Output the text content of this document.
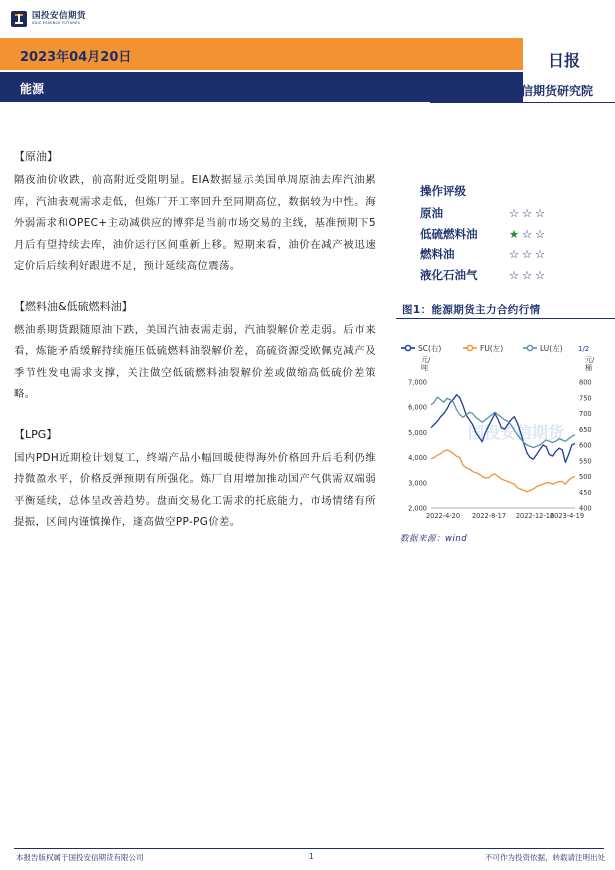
国投安信期货
SDIC ESSENCE FUTURES
2023年04月20日
能源
日报
国投安信期货研究院
【原油】
隔夜油价收跌，前高附近受阻明显。EIA数据显示美国单周原油去库汽油累库，汽油表观需求走低，但炼厂开工率回升至同期高位，数据较为中性。海外弱需求和OPEC+主动减供应的博弈是当前市场交易的主线，基准预期下5月后有望持续去库，油价运行区间重新上移。短期来看，油价在减产被迅速定价后后续利好跟进不足，预计延续高位震荡。
【燃料油&低硫燃料油】
燃油系期货跟随原油下跌，美国汽油表需走弱，汽油裂解价差走弱。后市来看，炼能矛盾缓解持续施压低硫燃料油裂解价差，高硫资源受欧佩克减产及季节性发电需求支撑，关注做空低硫燃料油裂解价差或做缩高低硫价差策略。
【LPG】
国内PDH近期检计划复工，终端产品小幅回暖使得海外价格回升后毛利仍维持微盈水平，价格反弹预期有所强化。炼厂自用增加推动国产气供需双端弱平衡延续，总体呈改善趋势。盘面交易化工需求的托底能力，市场情绪有所提振，区间内谨慎操作，逢高做空PP-PG价差。
操作评级
原油	☆ ☆ ☆
低硫燃料油	★ ☆ ☆
燃料油	☆ ☆ ☆
液化石油气	☆ ☆ ☆
图1：能源期货主力合约行情
国投安信期货
SC(右)	FU(左)	LU(左) 1/2
元/
吨
元/
桶
2,000
3,000
4,000
5,000
6,000
7,000
400
450
500
550
600
650
700
750
800
2022-4-20 2022-8-17 2022-12-16
2023-4-19
数据来源：wind
本报告版权属于国投安信期货有限公司	1	不可作为投资依据，转载请注明出处
